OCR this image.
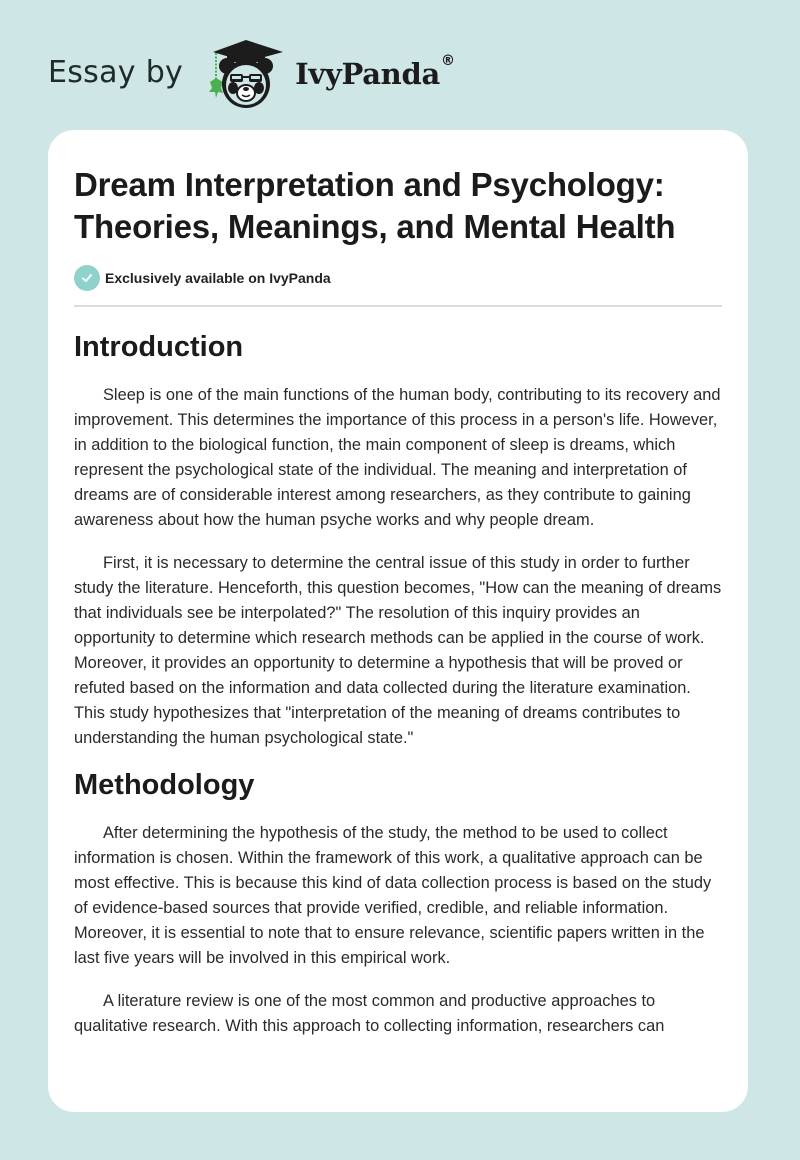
Essay by	IvyPanda®
Dream Interpretation and Psychology:
Theories, Meanings, and Mental Health
Exclusively available on IvyPanda
Introduction

Sleep is one of the main functions of the human body, contributing to its recovery and improvement. This determines the importance of this process in a person's life. However, in addition to the biological function, the main component of sleep is dreams, which represent the psychological state of the individual. The meaning and interpretation of dreams are of considerable interest among researchers, as they contribute to gaining awareness about how the human psyche works and why people dream.

First, it is necessary to determine the central issue of this study in order to further study the literature. Henceforth, this question becomes, "How can the meaning of dreams that individuals see be interpolated?" The resolution of this inquiry provides an opportunity to determine which research methods can be applied in the course of work. Moreover, it provides an opportunity to determine a hypothesis that will be proved or refuted based on the information and data collected during the literature examination. This study hypothesizes that "interpretation of the meaning of dreams contributes to understanding the human psychological state."

Methodology

After determining the hypothesis of the study, the method to be used to collect information is chosen. Within the framework of this work, a qualitative approach can be most effective. This is because this kind of data collection process is based on the study of evidence-based sources that provide verified, credible, and reliable information. Moreover, it is essential to note that to ensure relevance, scientific papers written in the last five years will be involved in this empirical work.

A literature review is one of the most common and productive approaches to qualitative research. With this approach to collecting information, researchers can
